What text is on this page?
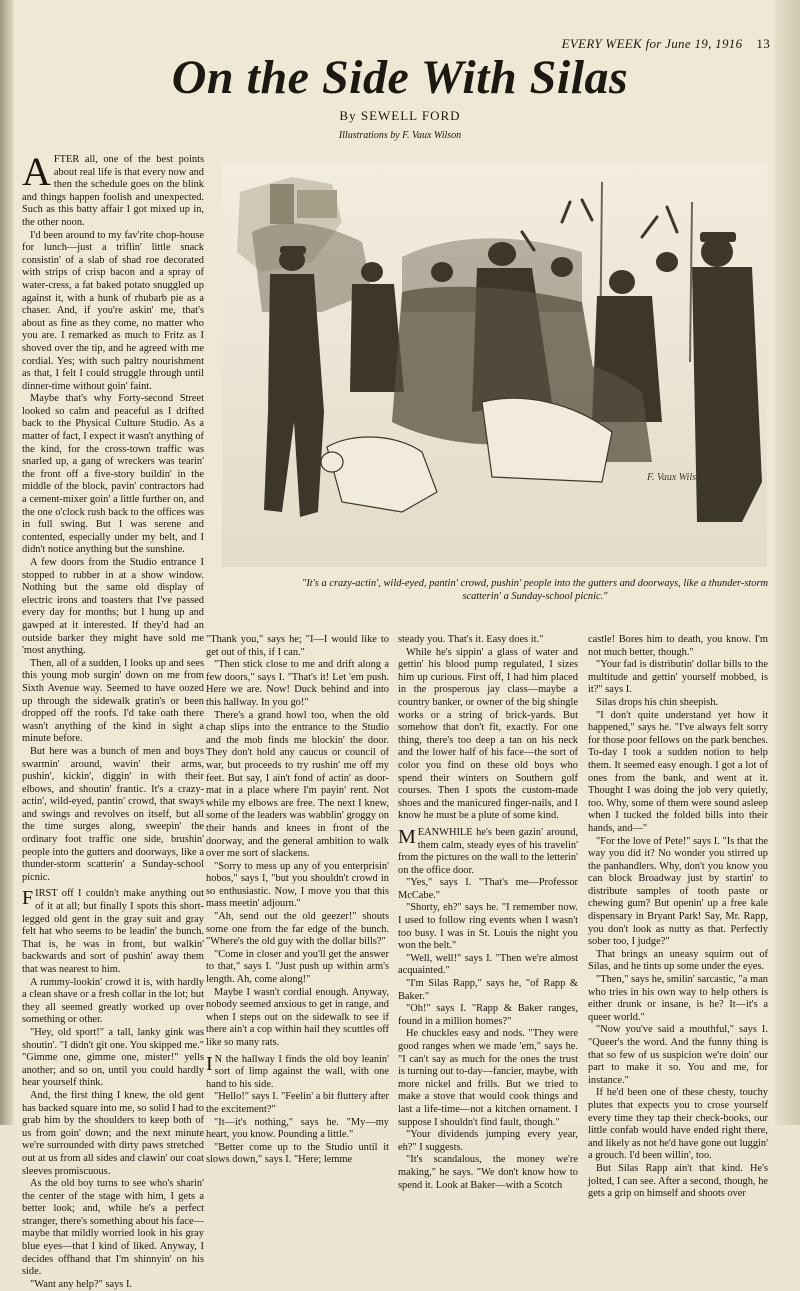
EVERY WEEK for June 19, 1916 13
On the Side With Silas
By SEWELL FORD
Illustrations by F. Vaux Wilson

AFTER all, one of the best points about real life is that every now and then the schedule goes on the blink and things happen foolish and unexpected. Such as this batty affair I got mixed up in, the other noon.

I'd been around to my fav'rite chop-house for lunch—just a triflin' little snack consistin' of a slab of shad roe decorated with strips of crisp bacon and a spray of water-cress, a fat baked potato snuggled up against it, with a hunk of rhubarb pie as a chaser. And, if you're askin' me, that's about as fine as they come, no matter who you are. I remarked as much to Fritz as I shoved over the tip, and he agreed with me cordial. Yes; with such paltry nourishment as that, I felt I could struggle through until dinner-time without goin' faint.

Maybe that's why Forty-second Street looked so calm and peaceful as I drifted back to the Physical Culture Studio. As a matter of fact, I expect it wasn't anything of the kind, for the cross-town traffic was snarled up, a gang of wreckers was tearin' the front off a five-story buildin' in the middle of the block, pavin' contractors had a cement-mixer goin' a little further on, and the one o'clock rush back to the offices was in full swing. But I was serene and contented, especially under my belt, and I didn't notice anything but the sunshine.

A few doors from the Studio entrance I stopped to rubber in at a show window. Nothing but the same old display of electric irons and toasters that I've passed every day for months; but I hung up and gawped at it interested. If they'd had an outside barker they might have sold me 'most anything.

Then, all of a sudden, I looks up and sees this young mob surgin' down on me from Sixth Avenue way. Seemed to have oozed up through the sidewalk gratin's or been dropped off the roofs. I'd take oath there wasn't anything of the kind in sight a minute before.

But here was a bunch of men and boys swarmin' around, wavin' their arms, pushin', kickin', diggin' in with their elbows, and shoutin' frantic. It's a crazy-actin', wild-eyed, pantin' crowd, that sways and swings and revolves on itself, but all the time surges along, sweepin' the ordinary foot traffic one side, brushin' people into the gutters and doorways, like a thunder-storm scatterin' a Sunday-school picnic.

FIRST off I couldn't make anything out of it at all; but finally I spots this short-legged old gent in the gray suit and gray felt hat who seems to be leadin' the bunch. That is, he was in front, but walkin' backwards and sort of pushin' away them that was nearest to him.

A rummy-lookin' crowd it is, with hardly a clean shave or a fresh collar in the lot; but they all seemed greatly worked up over something or other.

"Hey, old sport!" a tall, lanky gink was shoutin'. "I didn't git one. You skipped me." "Gimme one, gimme one, mister!" yells another; and so on, until you could hardly hear yourself think.

And, the first thing I knew, the old gent has backed square into me, so solid I had to grab him by the shoulders to keep both of us from goin' down; and the next minute we're surrounded with dirty paws stretched out at us from all sides and clawin' our coat sleeves promiscuous.

As the old boy turns to see who's sharin' the center of the stage with him, I gets a better look; and, while he's a perfect stranger, there's something about his face—maybe that mildly worried look in his gray blue eyes—that I kind of liked. Anyway, I decides offhand that I'm shinnyin' on his side.

"Want any help?" says I.

F. Vaux Wilson
"It's a crazy-actin', wild-eyed, pantin' crowd, pushin' people into the gutters and doorways, like a thunder-storm scatterin' a Sunday-school picnic."

"Thank you," says he; "I—I would like to get out of this, if I can."

"Then stick close to me and drift along a few doors," says I. "That's it! Let 'em push. Here we are. Now! Duck behind and into this hallway. In you go!"

There's a grand howl too, when the old chap slips into the entrance to the Studio and the mob finds me blockin' the door. They don't hold any caucus or council of war, but proceeds to try rushin' me off my feet. But say, I ain't fond of actin' as door-mat in a place where I'm payin' rent. Not while my elbows are free. The next I knew, some of the leaders was wabblin' groggy on their hands and knees in front of the doorway, and the general ambition to walk over me sort of slackens.

"Sorry to mess up any of you enterprisin' hobos," says I, "but you shouldn't crowd in so enthusiastic. Now, I move you that this mass meetin' adjourn."

"Ah, send out the old geezer!" shouts some one from the far edge of the bunch. "Where's the old guy with the dollar bills?"

"Come in closer and you'll get the answer to that," says I. "Just push up within arm's length. Ah, come along!"

Maybe I wasn't cordial enough. Anyway, nobody seemed anxious to get in range, and when I steps out on the sidewalk to see if there ain't a cop within hail they scuttles off like so many rats.

I N the hallway I finds the old boy leanin' sort of limp against the wall, with one hand to his side.

"Hello!" says I. "Feelin' a bit fluttery after the excitement?"

"It—it's nothing," says he. "My—my heart, you know. Pounding a little."

"Better come up to the Studio until it slows down," says I. "Here; lemme

steady you. That's it. Easy does it."

While he's sippin' a glass of water and gettin' his blood pump regulated, I sizes him up curious. First off, I had him placed in the prosperous jay class—maybe a country banker, or owner of the big shingle works or a string of brick-yards. But somehow that don't fit, exactly. For one thing, there's too deep a tan on his neck and the lower half of his face—the sort of color you find on these old boys who spend their winters on Southern golf courses. Then I spots the custom-made shoes and the manicured finger-nails, and I know he must be a plute of some kind.

MEANWHILE he's been gazin' around, them calm, steady eyes of his travelin' from the pictures on the wall to the letterin' on the office door.

"Yes," says I. "That's me—Professor McCabe."

"Shorty, eh?" says he. "I remember now. I used to follow ring events when I wasn't too busy. I was in St. Louis the night you won the belt."

"Well, well!" says I. "Then we're almost acquainted."

"I'm Silas Rapp," says he, "of Rapp & Baker."

"Oh!" says I. "Rapp & Baker ranges, found in a million homes?"

He chuckles easy and nods. "They were good ranges when we made 'em," says he. "I can't say as much for the ones the trust is turning out to-day—fancier, maybe, with more nickel and frills. But we tried to make a stove that would cook things and last a life-time—not a kitchen ornament. I suppose I shouldn't find fault, though."

"Your dividends jumping every year, eh?" I suggests.

"It's scandalous, the money we're making," he says. "We don't know how to spend it. Look at Baker—with a Scotch

castle! Bores him to death, you know. I'm not much better, though."

"Your fad is distributin' dollar bills to the multitude and gettin' yourself mobbed, is it?" says I.

Silas drops his chin sheepish.

"I don't quite understand yet how it happened," says he. "I've always felt sorry for those poor fellows on the park benches. To-day I took a sudden notion to help them. It seemed easy enough. I got a lot of ones from the bank, and went at it. Thought I was doing the job very quietly, too. Why, some of them were sound asleep when I tucked the folded bills into their hands, and—"

"For the love of Pete!" says I. "Is that the way you did it? No wonder you stirred up the panhandlers. Why, don't you know you can block Broadway just by startin' to distribute samples of tooth paste or chewing gum? But openin' up a free kale dispensary in Bryant Park! Say, Mr. Rapp, you don't look as nutty as that. Perfectly sober too, I judge?"

That brings an uneasy squirm out of Silas, and he tints up some under the eyes.

"Then," says he, smilin' sarcastic, "a man who tries in his own way to help others is either drunk or insane, is he? It—it's a queer world."

"Now you've said a mouthful," says I. "Queer's the word. And the funny thing is that so few of us suspicion we're doin' our part to make it so. You and me, for instance."

If he'd been one of these chesty, touchy plutes that expects you to crose yourself every time they tap their check-books, our little confab would have ended right there, and likely as not he'd have gone out luggin' a grouch. I'd been willin', too.

But Silas Rapp ain't that kind. He's jolted, I can see. After a second, though, he gets a grip on himself and shoots over
